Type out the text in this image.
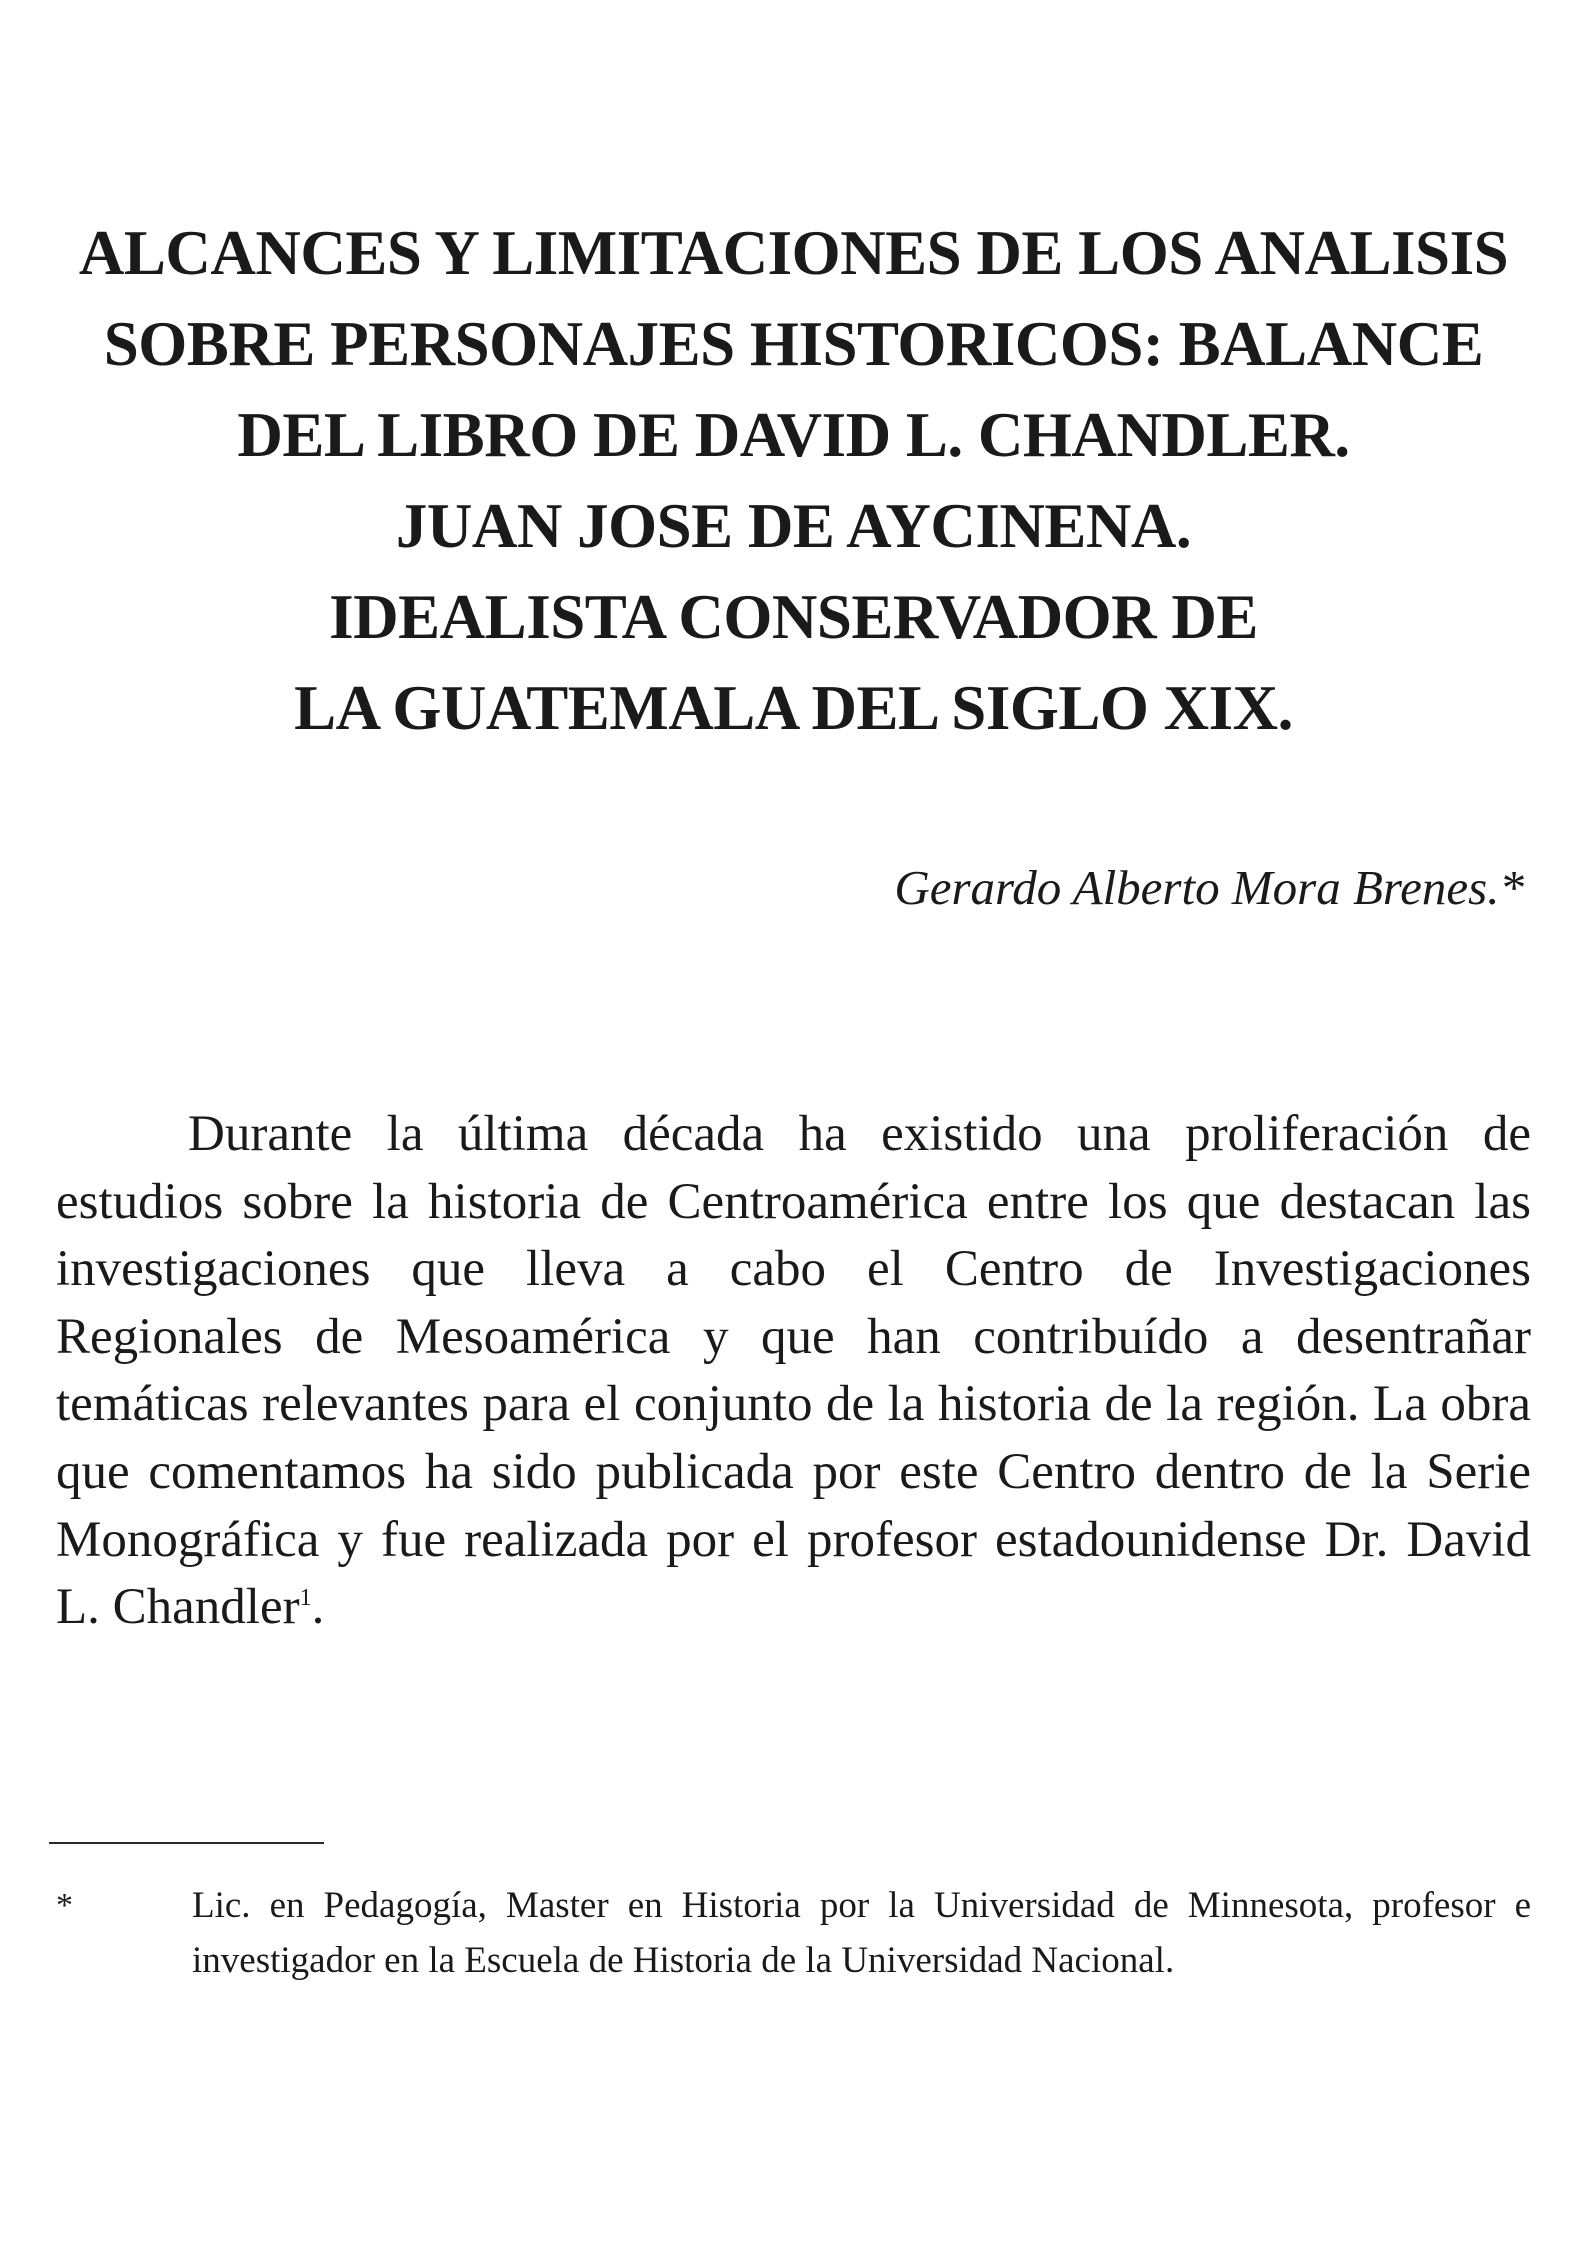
ALCANCES Y LIMITACIONES DE LOS ANALISIS
SOBRE PERSONAJES HISTORICOS: BALANCE
DEL LIBRO DE DAVID L. CHANDLER.
JUAN JOSE DE AYCINENA.
IDEALISTA CONSERVADOR DE
LA GUATEMALA DEL SIGLO XIX.
Gerardo Alberto Mora Brenes.*

Durante la última década ha existido una proliferación de estudios sobre la historia de Centroamérica entre los que destacan las investigaciones que lleva a cabo el Centro de Investigaciones Regionales de Mesoamérica y que han contribuído a desentrañar temáticas relevantes para el conjunto de la historia de la región. La obra que comentamos ha sido publicada por este Centro dentro de la Serie Monográfica y fue realizada por el profesor estadounidense Dr. David L. Chandler$^1$.

*	Lic. en Pedagogía, Master en Historia por la Universidad de Minnesota, profesor e investigador en la Escuela de Historia de la Universidad Nacional.
